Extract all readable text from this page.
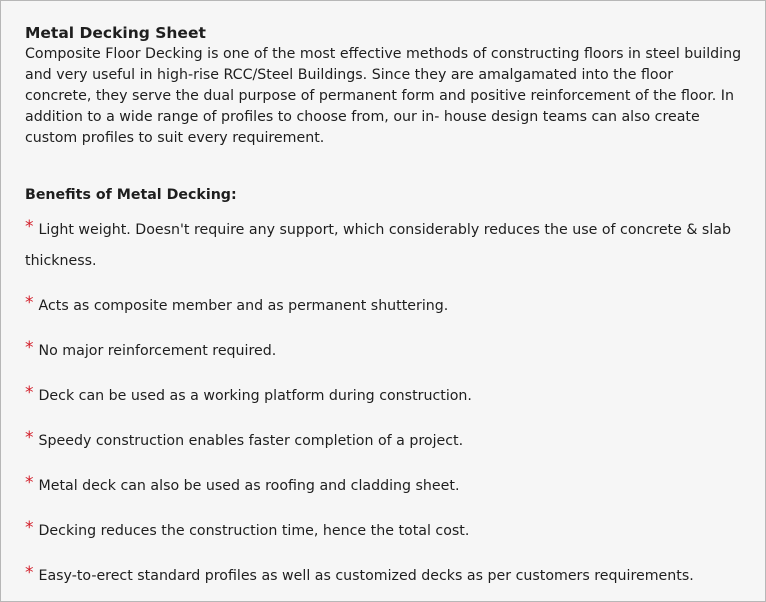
Metal Decking Sheet

Composite Floor Decking is one of the most effective methods of constructing floors in steel building and very useful in high-rise RCC/Steel Buildings. Since they are amalgamated into the floor concrete, they serve the dual purpose of permanent form and positive reinforcement of the floor. In addition to a wide range of profiles to choose from, our in- house design teams can also create custom profiles to suit every requirement.

Benefits of Metal Decking:
* Light weight. Doesn't require any support, which considerably reduces the use of concrete & slab thickness.
* Acts as composite member and as permanent shuttering.
* No major reinforcement required.
* Deck can be used as a working platform during construction.
* Speedy construction enables faster completion of a project.
* Metal deck can also be used as roofing and cladding sheet.
* Decking reduces the construction time, hence the total cost.
* Easy-to-erect standard profiles as well as customized decks as per customers requirements.
